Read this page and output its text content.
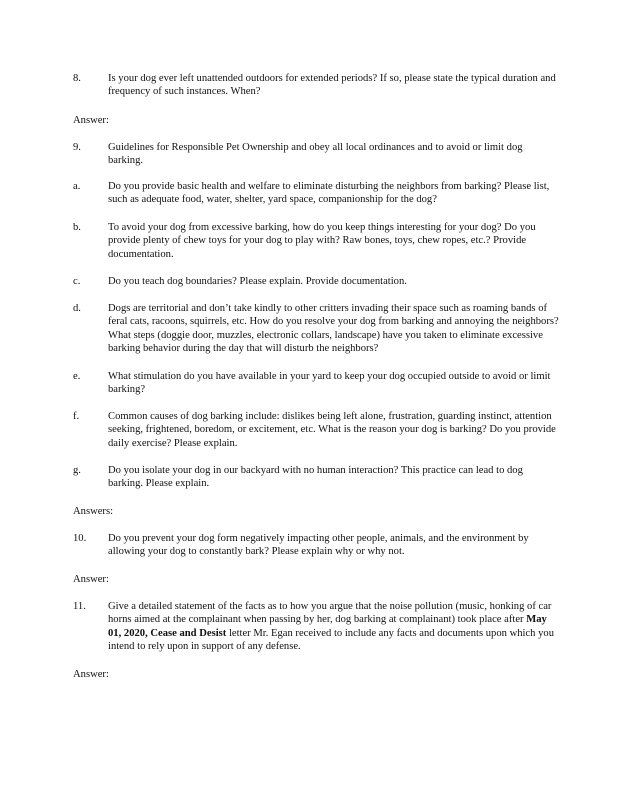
8.	Is your dog ever left unattended outdoors for extended periods? If so, please state the typical duration and frequency of such instances. When?
Answer:
9.	Guidelines for Responsible Pet Ownership and obey all local ordinances and to avoid or limit dog barking.
a.	Do you provide basic health and welfare to eliminate disturbing the neighbors from barking? Please list, such as adequate food, water, shelter, yard space, companionship for the dog?
b.	To avoid your dog from excessive barking, how do you keep things interesting for your dog? Do you provide plenty of chew toys for your dog to play with? Raw bones, toys, chew ropes, etc.? Provide documentation.
c.	Do you teach dog boundaries? Please explain. Provide documentation.
d.	Dogs are territorial and don’t take kindly to other critters invading their space such as roaming bands of feral cats, racoons, squirrels, etc. How do you resolve your dog from barking and annoying the neighbors? What steps (doggie door, muzzles, electronic collars, landscape) have you taken to eliminate excessive barking behavior during the day that will disturb the neighbors?
e.	What stimulation do you have available in your yard to keep your dog occupied outside to avoid or limit barking?
f.	Common causes of dog barking include: dislikes being left alone, frustration, guarding instinct, attention seeking, frightened, boredom, or excitement, etc. What is the reason your dog is barking? Do you provide daily exercise? Please explain.
g.	Do you isolate your dog in our backyard with no human interaction? This practice can lead to dog barking. Please explain.
Answers:
10. Do you prevent your dog form negatively impacting other people, animals, and the environment by allowing your dog to constantly bark? Please explain why or why not.
Answer:
11. Give a detailed statement of the facts as to how you argue that the noise pollution (music, honking of car horns aimed at the complainant when passing by her, dog barking at complainant) took place after May 01, 2020, Cease and Desist letter Mr. Egan received to include any facts and documents upon which you intend to rely upon in support of any defense.
Answer:
